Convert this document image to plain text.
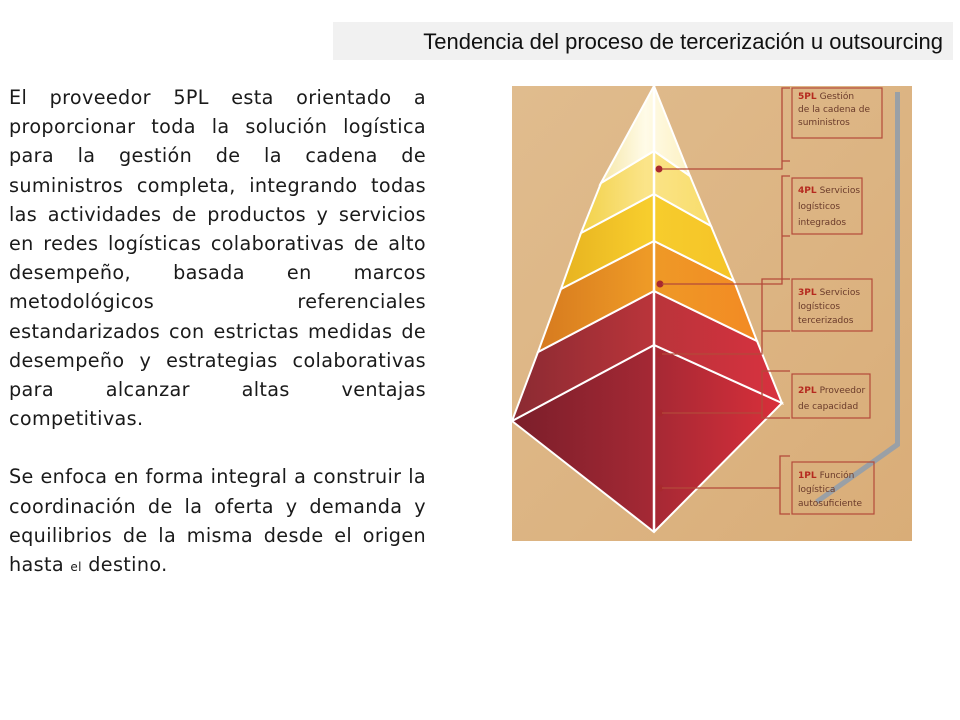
Tendencia del proceso de tercerización u outsourcing

El proveedor 5PL esta orientado a proporcionar toda la solución logística para la gestión de la cadena de suministros completa, integrando todas las actividades de productos y servicios en redes logísticas colaborativas de alto desempeño, basada en marcos metodológicos referenciales estandarizados con estrictas medidas de desempeño y estrategias colaborativas para alcanzar altas ventajas competitivas.

Se enfoca en forma integral a construir la coordinación de la oferta y demanda y equilibrios de la misma desde el origen hasta el destino.

5PL Gestión
de la cadena de
suministros
4PL Servicios
logísticos
integrados
3PL Servicios
logísticos
tercerizados
2PL Proveedor
de capacidad
1PL Función
logística
autosuficiente
